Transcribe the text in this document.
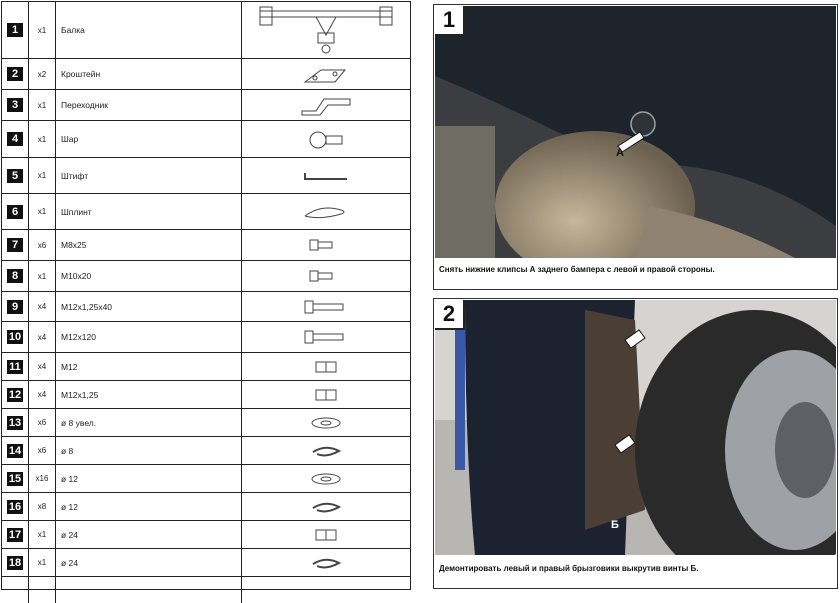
1	x1	Балка
2	x2	Кроштейн
3	x1	Переходник
4	x1	Шар
5	x1	Штифт
6	x1	Шплинт
7	x6	M8x25
8	x1	M10x20
9	x4	M12x1,25x40
10	x4	M12x120
11	x4	M12
12	x4	M12x1,25
13	x6	ø 8 увел.
14	x6	ø 8
15	x16	ø 12
16	x8	ø 12
17	x1	ø 24
18	x1	ø 24
А
1
Снять нижние клипсы А заднего бампера с левой и правой стороны.
Б
2
Демонтировать левый и правый брызговики выкрутив винты Б.
